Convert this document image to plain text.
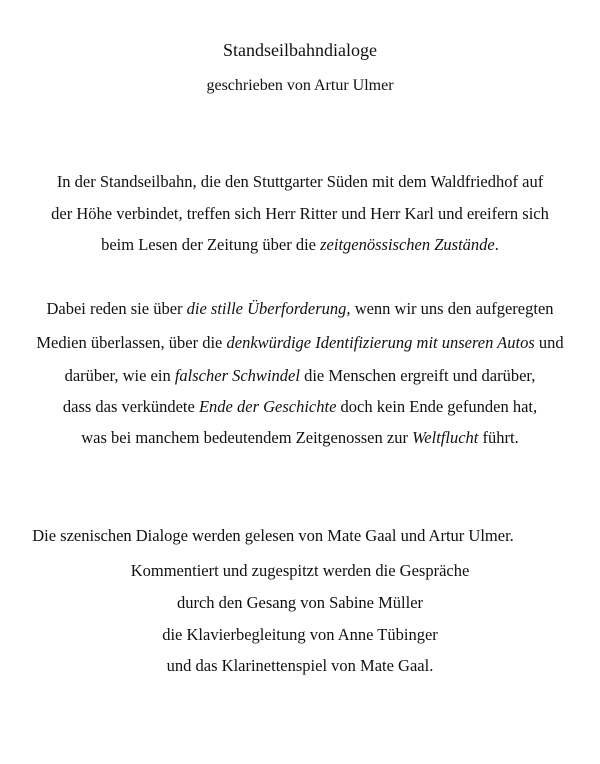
Standseilbahndialoge
geschrieben von Artur Ulmer
In der Standseilbahn, die den Stuttgarter Süden mit dem Waldfriedhof auf
der Höhe verbindet, treffen sich Herr Ritter und Herr Karl und ereifern sich
beim Lesen der Zeitung über die zeitgenössischen Zustände.
Dabei reden sie über die stille Überforderung, wenn wir uns den aufgeregten
Medien überlassen, über die denkwürdige Identifizierung mit unseren Autos und
darüber, wie ein falscher Schwindel die Menschen ergreift und darüber,
dass das verkündete Ende der Geschichte doch kein Ende gefunden hat,
was bei manchem bedeutendem Zeitgenossen zur Weltflucht führt.
Die szenischen Dialoge werden gelesen von Mate Gaal und Artur Ulmer.
Kommentiert und zugespitzt werden die Gespräche
durch den Gesang von Sabine Müller
die Klavierbegleitung von Anne Tübinger
und das Klarinettenspiel von Mate Gaal.
